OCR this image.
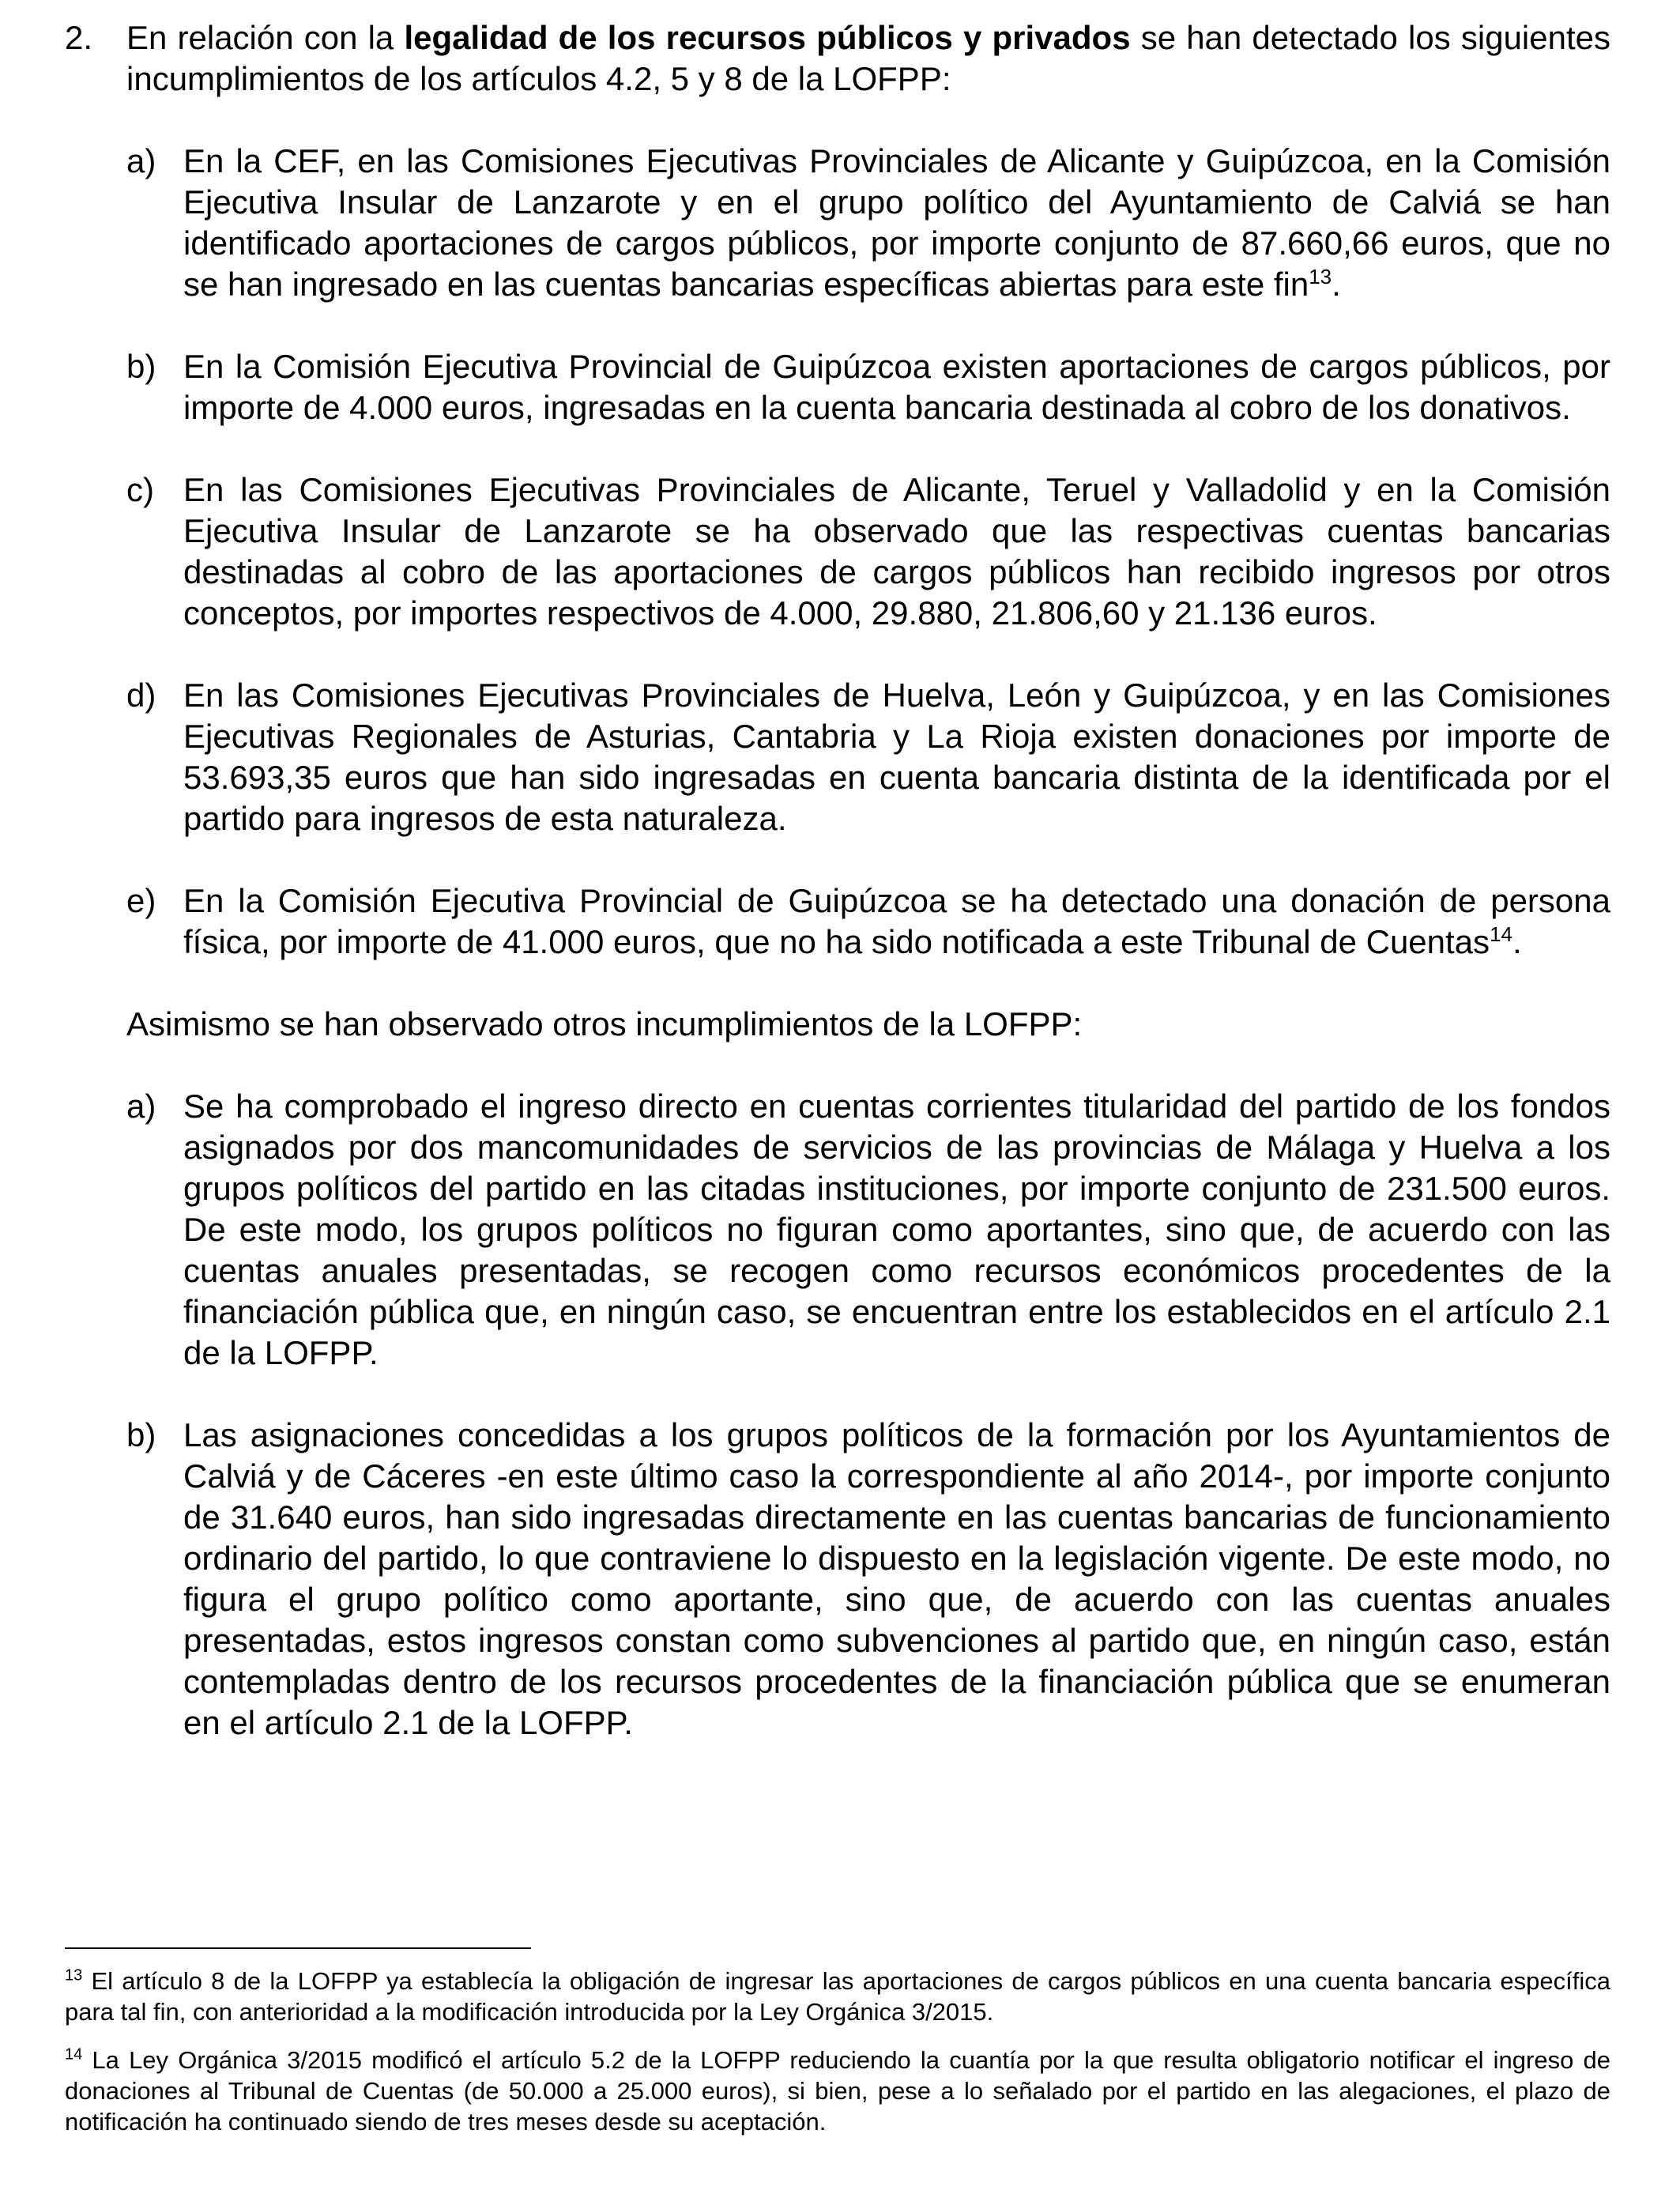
2.	En relación con la legalidad de los recursos públicos y privados se han detectado los siguientes incumplimientos de los artículos 4.2, 5 y 8 de la LOFPP:
a) En la CEF, en las Comisiones Ejecutivas Provinciales de Alicante y Guipúzcoa, en la Comisión Ejecutiva Insular de Lanzarote y en el grupo político del Ayuntamiento de Calviá se han identificado aportaciones de cargos públicos, por importe conjunto de 87.660,66 euros, que no se han ingresado en las cuentas bancarias específicas abiertas para este fin$^{13}$.
b) En la Comisión Ejecutiva Provincial de Guipúzcoa existen aportaciones de cargos públicos, por importe de 4.000 euros, ingresadas en la cuenta bancaria destinada al cobro de los donativos.
c) En las Comisiones Ejecutivas Provinciales de Alicante, Teruel y Valladolid y en la Comisión Ejecutiva Insular de Lanzarote se ha observado que las respectivas cuentas bancarias destinadas al cobro de las aportaciones de cargos públicos han recibido ingresos por otros conceptos, por importes respectivos de 4.000, 29.880, 21.806,60 y 21.136 euros.
d) En las Comisiones Ejecutivas Provinciales de Huelva, León y Guipúzcoa, y en las Comisiones Ejecutivas Regionales de Asturias, Cantabria y La Rioja existen donaciones por importe de 53.693,35 euros que han sido ingresadas en cuenta bancaria distinta de la identificada por el partido para ingresos de esta naturaleza.
e) En la Comisión Ejecutiva Provincial de Guipúzcoa se ha detectado una donación de persona física, por importe de 41.000 euros, que no ha sido notificada a este Tribunal de Cuentas$^{14}$.
Asimismo se han observado otros incumplimientos de la LOFPP:
a) Se ha comprobado el ingreso directo en cuentas corrientes titularidad del partido de los fondos asignados por dos mancomunidades de servicios de las provincias de Málaga y Huelva a los grupos políticos del partido en las citadas instituciones, por importe conjunto de 231.500 euros. De este modo, los grupos políticos no figuran como aportantes, sino que, de acuerdo con las cuentas anuales presentadas, se recogen como recursos económicos procedentes de la financiación pública que, en ningún caso, se encuentran entre los establecidos en el artículo 2.1 de la LOFPP.
b) Las asignaciones concedidas a los grupos políticos de la formación por los Ayuntamientos de Calviá y de Cáceres -en este último caso la correspondiente al año 2014-, por importe conjunto de 31.640 euros, han sido ingresadas directamente en las cuentas bancarias de funcionamiento ordinario del partido, lo que contraviene lo dispuesto en la legislación vigente. De este modo, no figura el grupo político como aportante, sino que, de acuerdo con las cuentas anuales presentadas, estos ingresos constan como subvenciones al partido que, en ningún caso, están contempladas dentro de los recursos procedentes de la financiación pública que se enumeran en el artículo 2.1 de la LOFPP.
$^{13}$ El artículo 8 de la LOFPP ya establecía la obligación de ingresar las aportaciones de cargos públicos en una cuenta bancaria específica para tal fin, con anterioridad a la modificación introducida por la Ley Orgánica 3/2015.
$^{14}$ La Ley Orgánica 3/2015 modificó el artículo 5.2 de la LOFPP reduciendo la cuantía por la que resulta obligatorio notificar el ingreso de donaciones al Tribunal de Cuentas (de 50.000 a 25.000 euros), si bien, pese a lo señalado por el partido en las alegaciones, el plazo de notificación ha continuado siendo de tres meses desde su aceptación.
